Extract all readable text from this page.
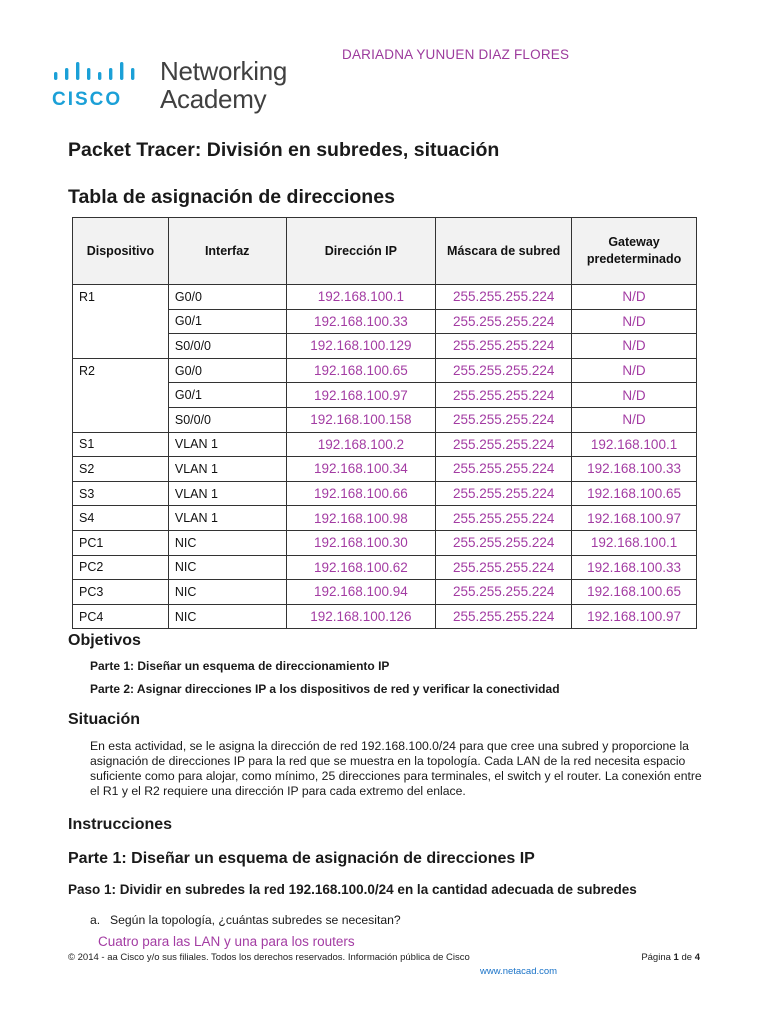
DARIADNA YUNUEN DIAZ FLORES
CISCO
Networking
Academy
Packet Tracer: División en subredes, situación
Tabla de asignación de direcciones
Dispositivo	Interfaz	Dirección IP	Máscara de subred	Gateway
predeterminado
R1	G0/0	192.168.100.1	255.255.255.224	N/D
	G0/1	192.168.100.33	255.255.255.224	N/D
	S0/0/0	192.168.100.129	255.255.255.224	N/D
R2	G0/0	192.168.100.65	255.255.255.224	N/D
	G0/1	192.168.100.97	255.255.255.224	N/D
	S0/0/0	192.168.100.158	255.255.255.224	N/D
S1	VLAN 1	192.168.100.2	255.255.255.224	192.168.100.1
S2	VLAN 1	192.168.100.34	255.255.255.224	192.168.100.33
S3	VLAN 1	192.168.100.66	255.255.255.224	192.168.100.65
S4	VLAN 1	192.168.100.98	255.255.255.224	192.168.100.97
PC1	NIC	192.168.100.30	255.255.255.224	192.168.100.1
PC2	NIC	192.168.100.62	255.255.255.224	192.168.100.33
PC3	NIC	192.168.100.94	255.255.255.224	192.168.100.65
PC4	NIC	192.168.100.126	255.255.255.224	192.168.100.97
Objetivos
Parte 1: Diseñar un esquema de direccionamiento IP
Parte 2: Asignar direcciones IP a los dispositivos de red y verificar la conectividad
Situación
En esta actividad, se le asigna la dirección de red 192.168.100.0/24 para que cree una subred y proporcione la asignación de direcciones IP para la red que se muestra en la topología. Cada LAN de la red necesita espacio suficiente como para alojar, como mínimo, 25 direcciones para terminales, el switch y el router. La conexión entre el R1 y el R2 requiere una dirección IP para cada extremo del enlace.
Instrucciones
Parte 1: Diseñar un esquema de asignación de direcciones IP
Paso 1: Dividir en subredes la red 192.168.100.0/24 en la cantidad adecuada de subredes
a. Según la topología, ¿cuántas subredes se necesitan?
Cuatro para las LAN y una para los routers
© 2014 - aa Cisco y/o sus filiales. Todos los derechos reservados. Información pública de Cisco	Página 1 de 4
www.netacad.com
